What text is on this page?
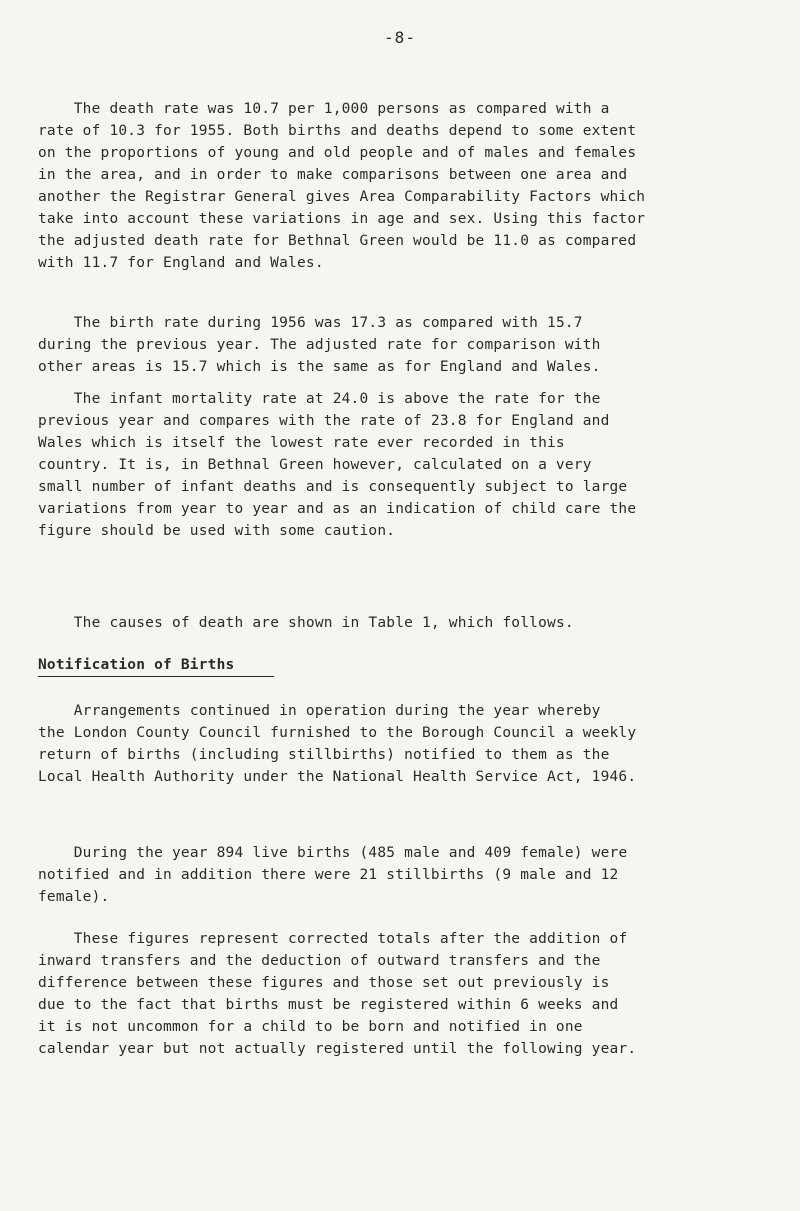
-8-

The death rate was 10.7 per 1,000 persons as compared with a
rate of 10.3 for 1955. Both births and deaths depend to some extent
on the proportions of young and old people and of males and females
in the area, and in order to make comparisons between one area and
another the Registrar General gives Area Comparability Factors which
take into account these variations in age and sex. Using this factor
the adjusted death rate for Bethnal Green would be 11.0 as compared
with 11.7 for England and Wales.

The birth rate during 1956 was 17.3 as compared with 15.7
during the previous year. The adjusted rate for comparison with
other areas is 15.7 which is the same as for England and Wales.

The infant mortality rate at 24.0 is above the rate for the
previous year and compares with the rate of 23.8 for England and
Wales which is itself the lowest rate ever recorded in this
country. It is, in Bethnal Green however, calculated on a very
small number of infant deaths and is consequently subject to large
variations from year to year and as an indication of child care the
figure should be used with some caution.

The causes of death are shown in Table 1, which follows.

Notification of Births

Arrangements continued in operation during the year whereby
the London County Council furnished to the Borough Council a weekly
return of births (including stillbirths) notified to them as the
Local Health Authority under the National Health Service Act, 1946.

During the year 894 live births (485 male and 409 female) were
notified and in addition there were 21 stillbirths (9 male and 12
female).

These figures represent corrected totals after the addition of
inward transfers and the deduction of outward transfers and the
difference between these figures and those set out previously is
due to the fact that births must be registered within 6 weeks and
it is not uncommon for a child to be born and notified in one
calendar year but not actually registered until the following year.
